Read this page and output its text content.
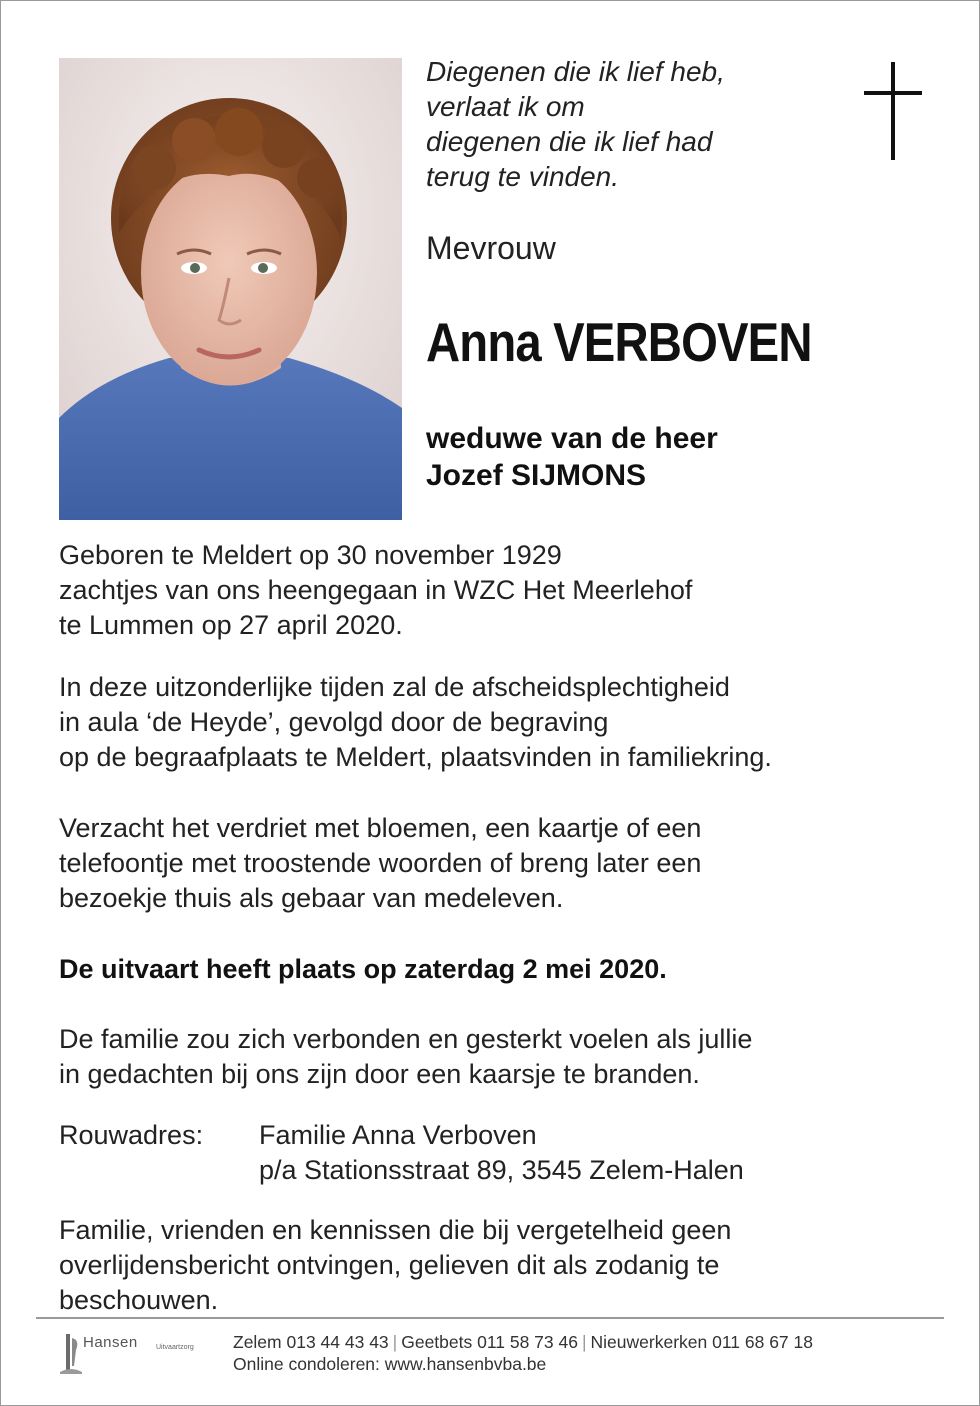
Diegenen die ik lief heb,
verlaat ik om
diegenen die ik lief had
terug te vinden.
Mevrouw
Anna VERBOVEN
weduwe van de heer
Jozef SIJMONS
Geboren te Meldert op 30 november 1929
zachtjes van ons heengegaan in WZC Het Meerlehof
te Lummen op 27 april 2020.
In deze uitzonderlijke tijden zal de afscheidsplechtigheid
in aula ‘de Heyde’, gevolgd door de begraving
op de begraafplaats te Meldert, plaatsvinden in familiekring.
Verzacht het verdriet met bloemen, een kaartje of een
telefoontje met troostende woorden of breng later een
bezoekje thuis als gebaar van medeleven.
De uitvaart heeft plaats op zaterdag 2 mei 2020.
De familie zou zich verbonden en gesterkt voelen als jullie
in gedachten bij ons zijn door een kaarsje te branden.
Rouwadres: Familie Anna Verboven
p/a Stationsstraat 89, 3545 Zelem-Halen
Familie, vrienden en kennissen die bij vergetelheid geen
overlijdensbericht ontvingen, gelieven dit als zodanig te
beschouwen.
Hansen	Uitvaartzorg Zelem 013 44 43 43 | Geetbets 011 58 73 46 | Nieuwerkerken 011 68 67 18
Online condoleren: www.hansenbvba.be
